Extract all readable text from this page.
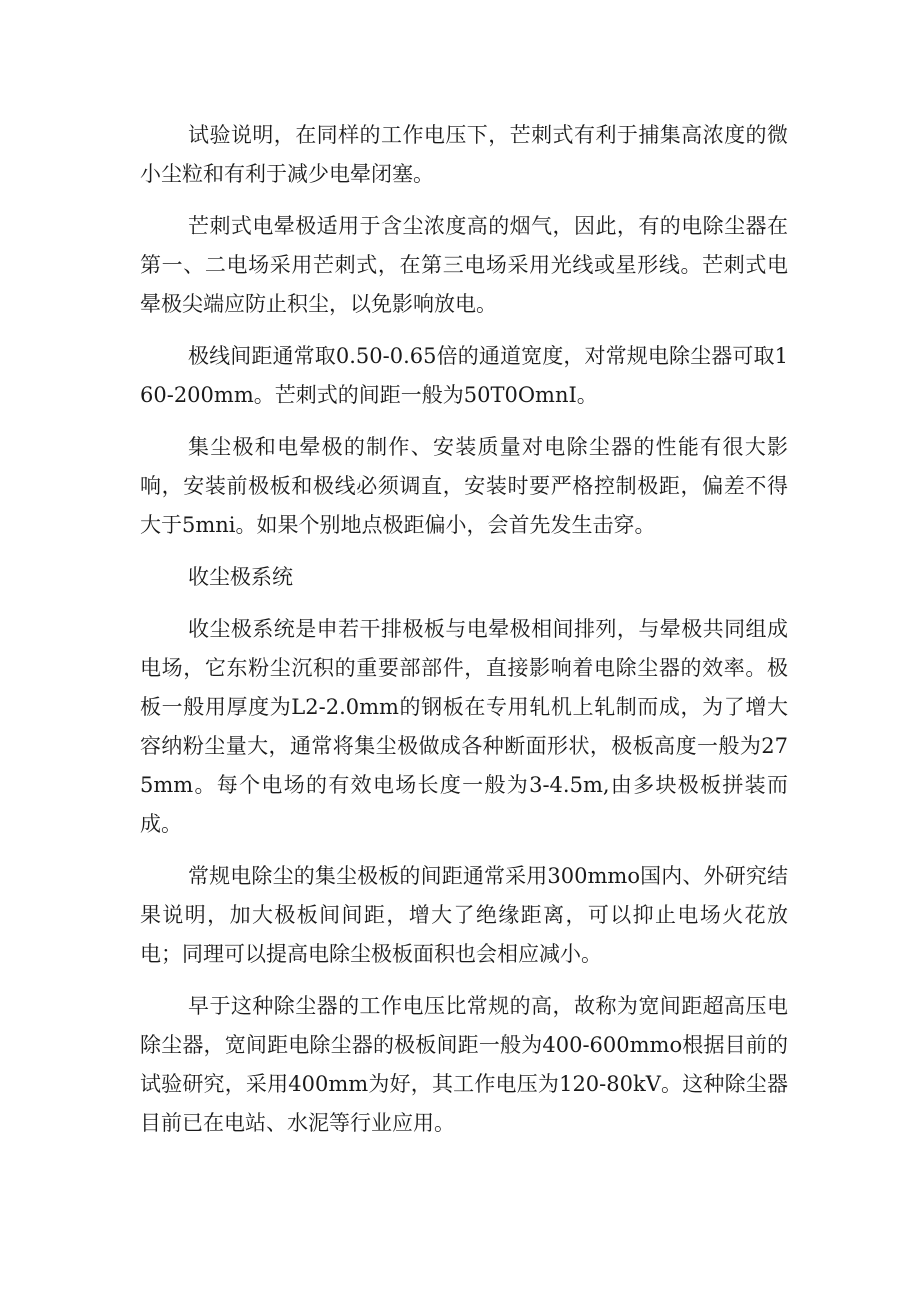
试验说明，在同样的工作电压下，芒刺式有利于捕集高浓度的微小尘粒和有利于减少电晕闭塞。

芒刺式电晕极适用于含尘浓度高的烟气，因此，有的电除尘器在第一、二电场采用芒刺式，在第三电场采用光线或星形线。芒刺式电晕极尖端应防止积尘，以免影响放电。

极线间距通常取0.50-0.65倍的通道宽度，对常规电除尘器可取160-200mm。芒刺式的间距一般为50T0OmnI。

集尘极和电晕极的制作、安装质量对电除尘器的性能有很大影响，安装前极板和极线必须调直，安装时要严格控制极距，偏差不得大于5mni。如果个别地点极距偏小，会首先发生击穿。

收尘极系统

收尘极系统是申若干排极板与电晕极相间排列，与晕极共同组成电场，它东粉尘沉积的重要部部件，直接影响着电除尘器的效率。极板一般用厚度为L2-2.0mm的钢板在专用轧机上轧制而成，为了增大容纳粉尘量大，通常将集尘极做成各种断面形状，极板高度一般为275mm。每个电场的有效电场长度一般为3-4.5m,由多块极板拼装而成。

常规电除尘的集尘极板的间距通常采用300mmo国内、外研究结果说明，加大极板间间距，增大了绝缘距离，可以抑止电场火花放电；同理可以提高电除尘极板面积也会相应减小。

早于这种除尘器的工作电压比常规的高，故称为宽间距超高压电除尘器，宽间距电除尘器的极板间距一般为400-600mmo根据目前的试验研究，采用400mm为好，其工作电压为120-80kV。这种除尘器目前已在电站、水泥等行业应用。
